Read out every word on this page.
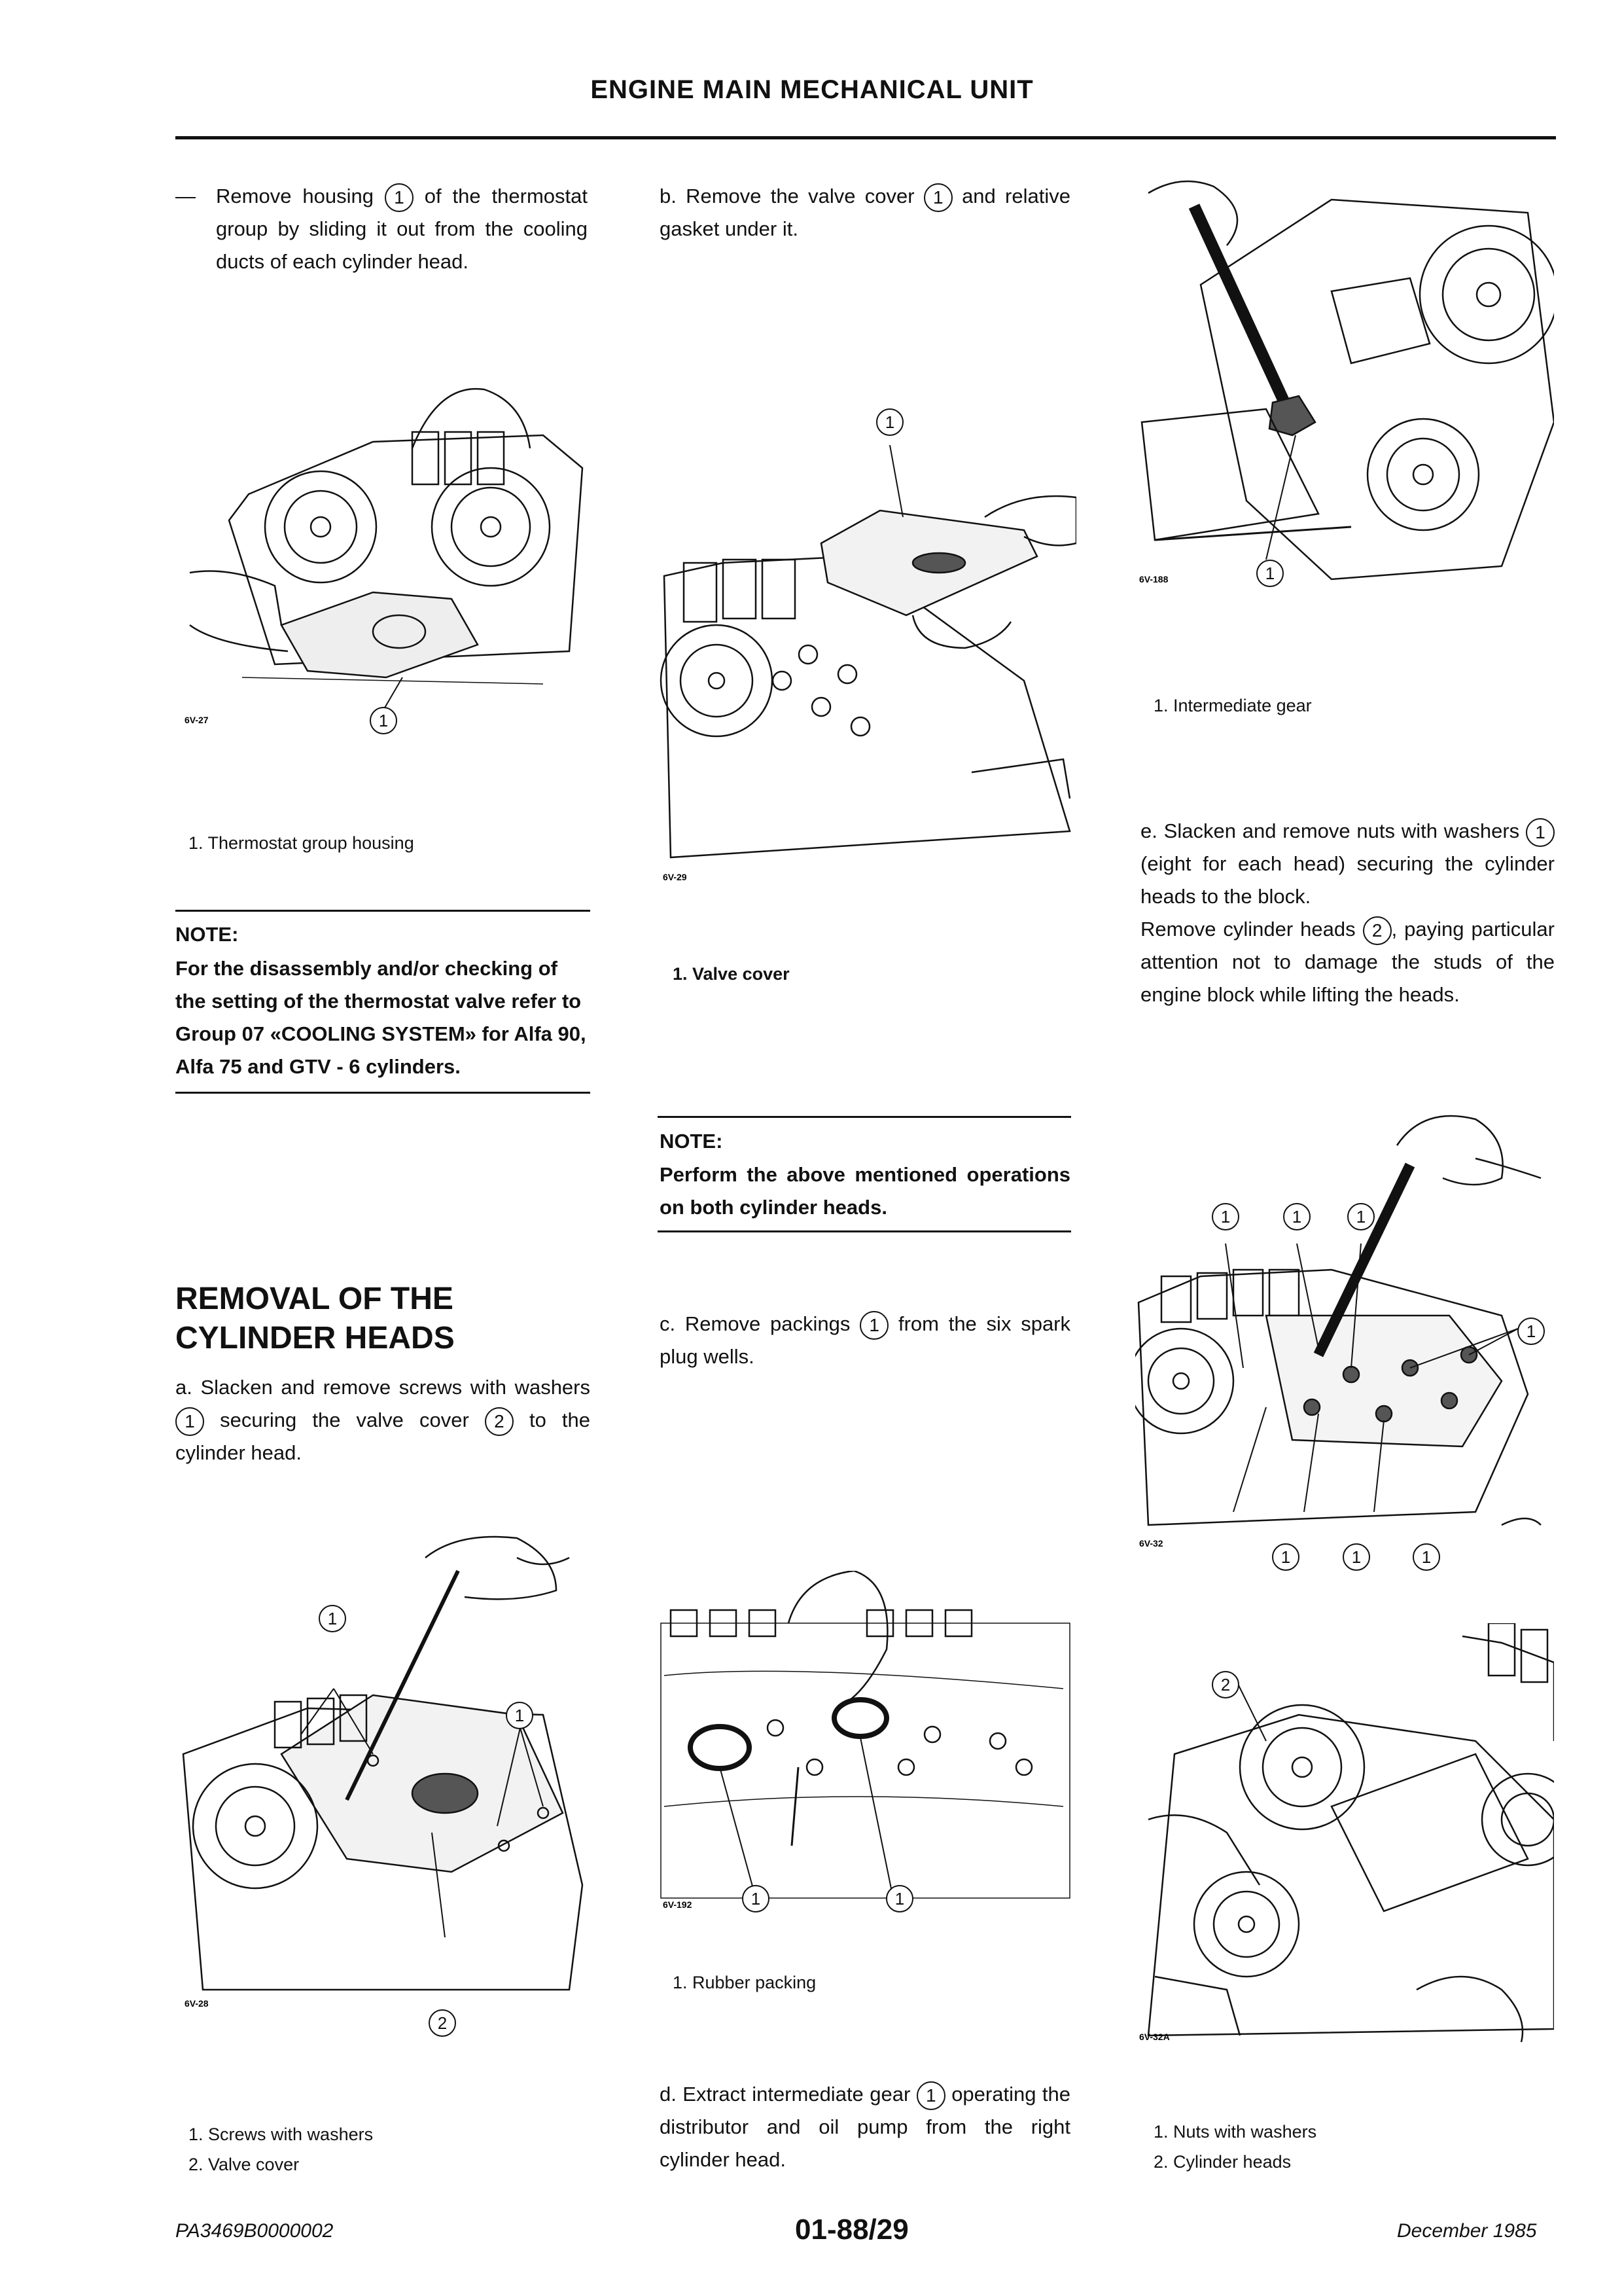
ENGINE MAIN MECHANICAL UNIT
—	Remove housing 1 of the thermostat group by sliding it out from the cooling ducts of each cylinder head.
6V-27	1
1. Thermostat group housing
NOTE:
For the disassembly and/or checking of the setting of the thermostat valve refer to Group 07 «COOLING SYSTEM» for Alfa 90, Alfa 75 and GTV - 6 cylinders.
REMOVAL OF THE
CYLINDER HEADS
a. Slacken and remove screws with washers 1 securing the valve cover 2 to the cylinder head.
6V-28
1
1
2
1. Screws with washers
2. Valve cover
b. Remove the valve cover 1 and relative gasket under it.
6V-29
1
1. Valve cover
NOTE:
Perform the above mentioned operations on both cylinder heads.
c. Remove packings 1 from the six spark plug wells.
6V-192	1	1
1. Rubber packing
d. Extract intermediate gear 1 operating the distributor and oil pump from the right cylinder head.
6V-188	1
1. Intermediate gear
e. Slacken and remove nuts with washers 1 (eight for each head) securing the cylinder heads to the block.
Remove cylinder heads 2 , paying particular attention not to damage the studs of the engine block while lifting the heads.
6V-32
1	1	1
1
1	1	1
6V-32A
2
1. Nuts with washers
2. Cylinder heads
PA3469B0000002	01-88/29	December 1985
